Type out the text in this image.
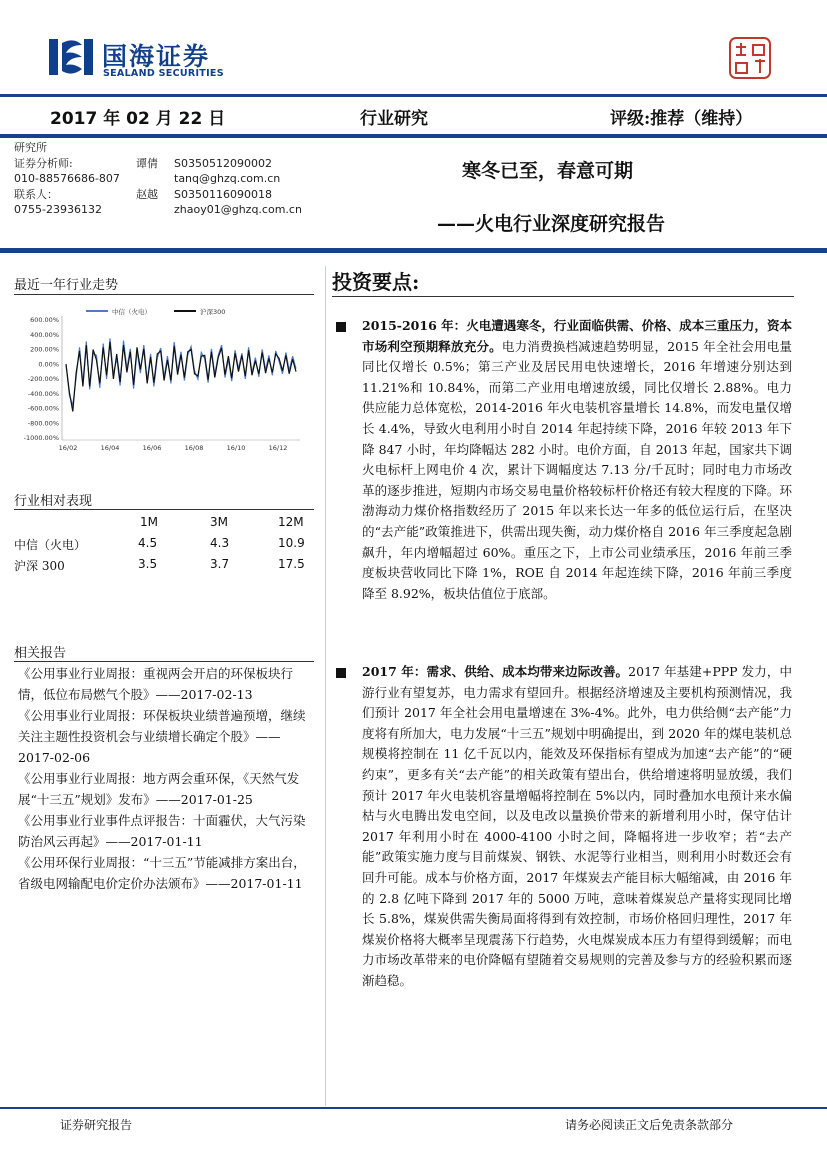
国海证券
SEALAND SECURITIES
2017 年 02 月 22 日	行业研究	评级:推荐（维持）
研究所
证券分析师:	谭倩 S0350512090002
010-88576686-807	tanq@ghzq.com.cn
联系人：	赵越 S0350116090018
0755-23936132	zhaoy01@ghzq.com.cn
寒冬已至，春意可期
——火电行业深度研究报告
最近一年行业走势
中信（火电）	沪深300
600.00%
400.00%
200.00%
0.00%
-200.00%
-400.00%
-600.00%
-800.00%
-1000.00%
16/02	16/04	16/06	16/08	16/10	16/12
行业相对表现
1M	3M	12M
中信（火电）	4.5	4.3	10.9
沪深 300	3.5	3.7	17.5
相关报告

《公用事业行业周报：重视两会开启的环保板块行情，低位布局燃气个股》——2017-02-13

《公用事业行业周报：环保板块业绩普遍预增，继续关注主题性投资机会与业绩增长确定个股》——2017-02-06

《公用事业行业周报：地方两会重环保，《天然气发展“十三五”规划》发布》——2017-01-25

《公用事业行业事件点评报告：十面霾伏，大气污染防治风云再起》——2017-01-11

《公用环保行业周报：“十三五”节能减排方案出台，省级电网输配电价定价办法颁布》——2017-01-11

投资要点:
2015-2016 年：火电遭遇寒冬，行业面临供需、价格、成本三重压力，资本市场利空预期释放充分。电力消费换档减速趋势明显，2015 年全社会用电量同比仅增长 0.5%；第三产业及居民用电快速增长，2016 年增速分别达到 11.21%和 10.84%，而第二产业用电增速放缓，同比仅增长 2.88%。电力供应能力总体宽松，2014-2016 年火电装机容量增长 14.8%，而发电量仅增长 4.4%，导致火电利用小时自 2014 年起持续下降，2016 年较 2013 年下降 847 小时，年均降幅达 282 小时。电价方面，自 2013 年起，国家共下调火电标杆上网电价 4 次，累计下调幅度达 7.13 分/千瓦时；同时电力市场改革的逐步推进，短期内市场交易电量价格较标杆价格还有较大程度的下降。环渤海动力煤价格指数经历了 2015 年以来长达一年多的低位运行后，在坚决的“去产能”政策推进下，供需出现失衡，动力煤价格自 2016 年三季度起急剧飙升，年内增幅超过 60%。重压之下，上市公司业绩承压，2016 年前三季度板块营收同比下降 1%，ROE 自 2014 年起连续下降，2016 年前三季度降至 8.92%，板块估值位于底部。
2017 年：需求、供给、成本均带来边际改善。2017 年基建+PPP 发力，中游行业有望复苏，电力需求有望回升。根据经济增速及主要机构预测情况，我们预计 2017 年全社会用电量增速在 3%-4%。此外，电力供给侧“去产能”力度将有所加大，电力发展“十三五”规划中明确提出，到 2020 年的煤电装机总规模将控制在 11 亿千瓦以内，能效及环保指标有望成为加速“去产能”的“硬约束”，更多有关“去产能”的相关政策有望出台，供给增速将明显放缓，我们预计 2017 年火电装机容量增幅将控制在 5%以内，同时叠加水电预计来水偏枯与火电腾出发电空间，以及电改以量换价带来的新增利用小时，保守估计 2017 年利用小时在 4000-4100 小时之间，降幅将进一步收窄；若“去产能”政策实施力度与目前煤炭、钢铁、水泥等行业相当，则利用小时数还会有回升可能。成本与价格方面，2017 年煤炭去产能目标大幅缩减，由 2016 年的 2.8 亿吨下降到 2017 年的 5000 万吨，意味着煤炭总产量将实现同比增长 5.8%，煤炭供需失衡局面将得到有效控制，市场价格回归理性，2017 年煤炭价格将大概率呈现震荡下行趋势，火电煤炭成本压力有望得到缓解；而电力市场改革带来的电价降幅有望随着交易规则的完善及参与方的经验积累而逐渐趋稳。
证券研究报告	请务必阅读正文后免责条款部分
